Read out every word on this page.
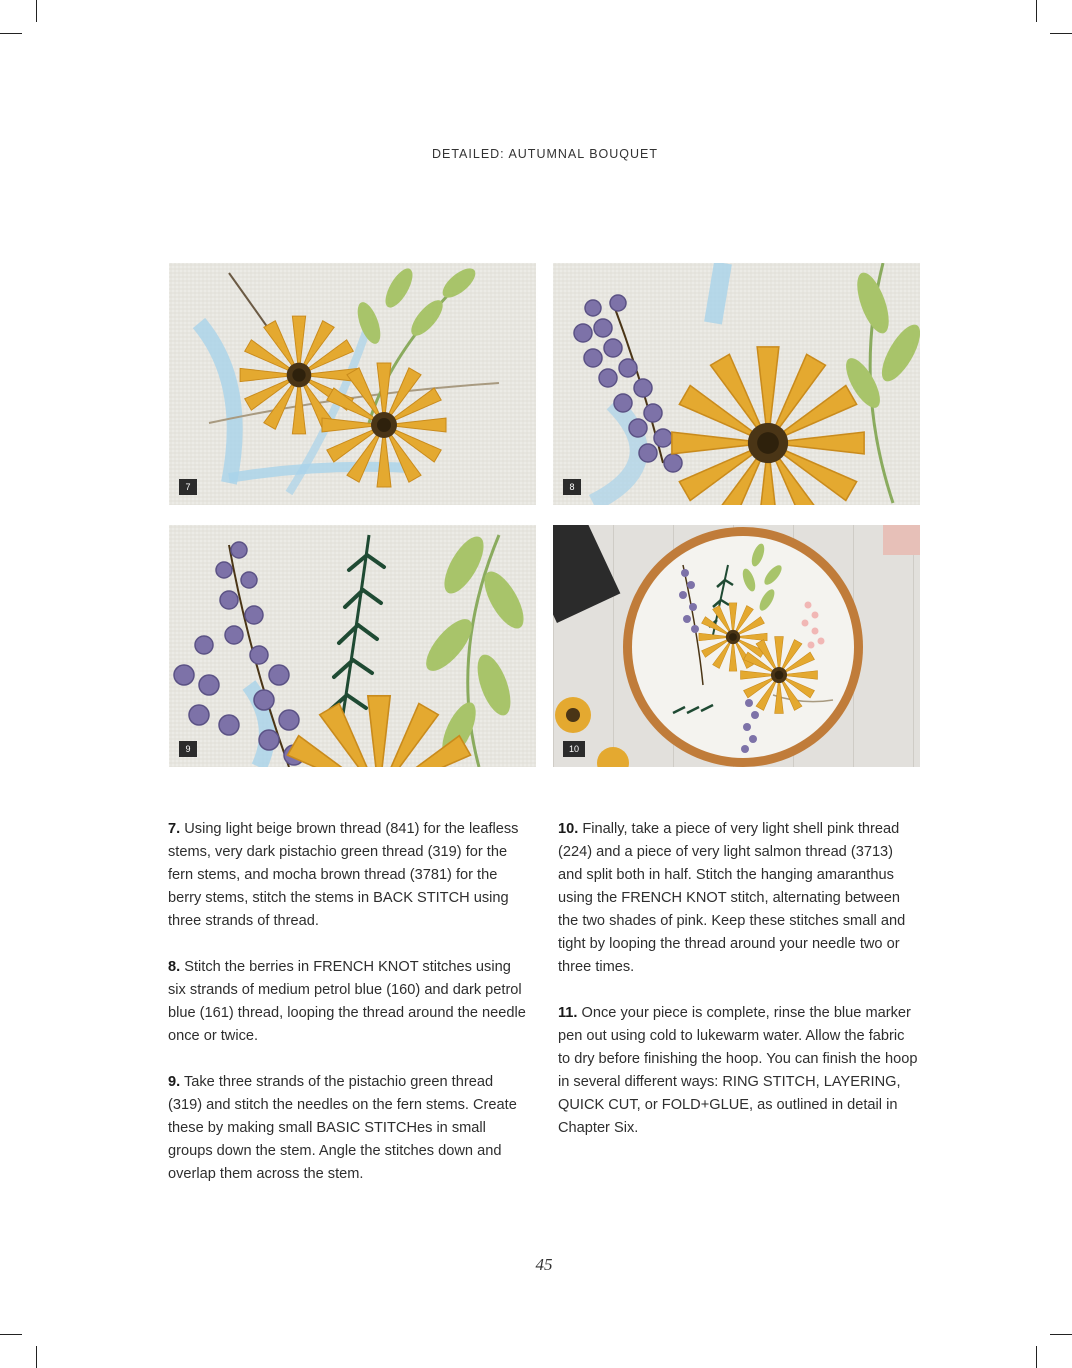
DETAILED: AUTUMNAL BOUQUET
7	8
9	10

7. Using light beige brown thread (841) for the leafless stems, very dark pistachio green thread (319) for the fern stems, and mocha brown thread (3781) for the berry stems, stitch the stems in BACK STITCH using three strands of thread.

8. Stitch the berries in FRENCH KNOT stitches using six strands of medium petrol blue (160) and dark petrol blue (161) thread, looping the thread around the needle once or twice.

9. Take three strands of the pistachio green thread (319) and stitch the needles on the fern stems. Create these by making small BASIC STITCHes in small groups down the stem. Angle the stitches down and overlap them across the stem.

10. Finally, take a piece of very light shell pink thread (224) and a piece of very light salmon thread (3713) and split both in half. Stitch the hanging amaranthus using the FRENCH KNOT stitch, alternating between the two shades of pink. Keep these stitches small and tight by looping the thread around your needle two or three times.

11. Once your piece is complete, rinse the blue marker pen out using cold to lukewarm water. Allow the fabric to dry before finishing the hoop. You can finish the hoop in several different ways: RING STITCH, LAYERING, QUICK CUT, or FOLD+GLUE, as outlined in detail in Chapter Six.

45
